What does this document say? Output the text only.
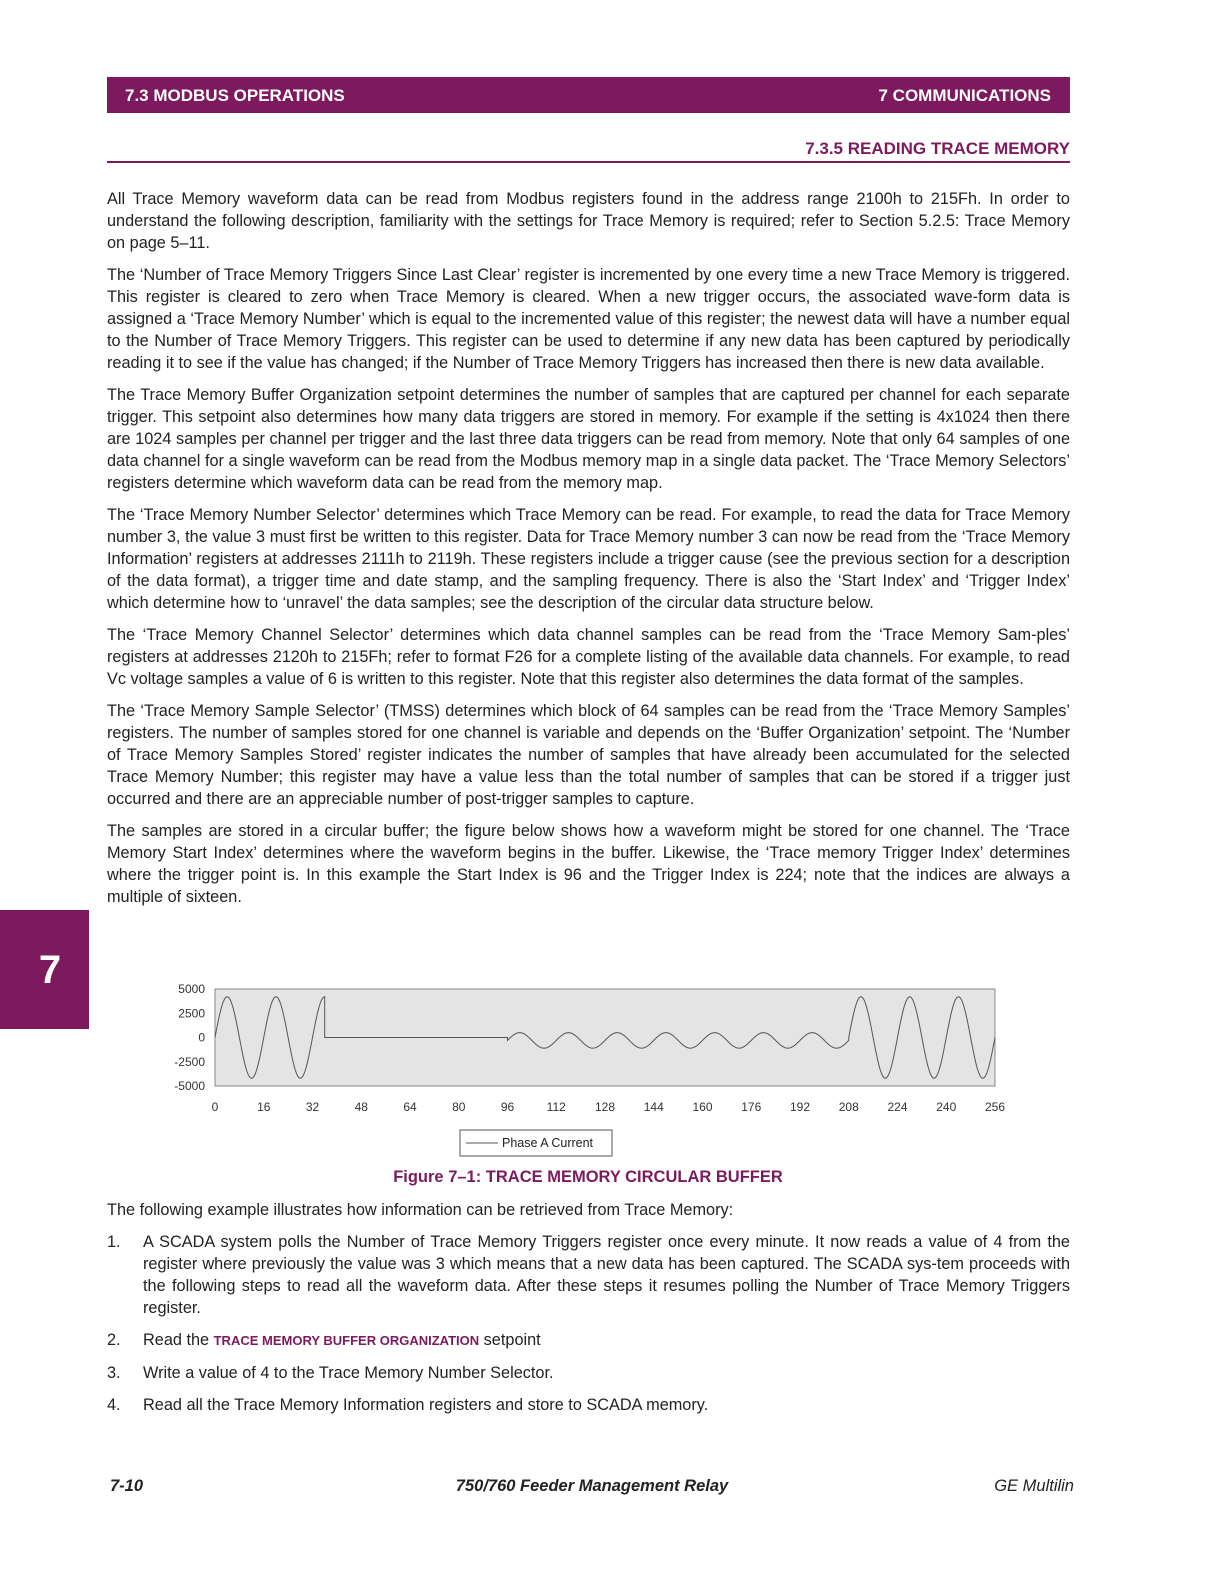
7.3 MODBUS OPERATIONS	7 COMMUNICATIONS
7.3.5 READING TRACE MEMORY

All Trace Memory waveform data can be read from Modbus registers found in the address range 2100h to 215Fh. In order to understand the following description, familiarity with the settings for Trace Memory is required; refer to Section 5.2.5: Trace Memory on page 5–11.

The ‘Number of Trace Memory Triggers Since Last Clear’ register is incremented by one every time a new Trace Memory is triggered. This register is cleared to zero when Trace Memory is cleared. When a new trigger occurs, the associated wave-form data is assigned a ‘Trace Memory Number’ which is equal to the incremented value of this register; the newest data will have a number equal to the Number of Trace Memory Triggers. This register can be used to determine if any new data has been captured by periodically reading it to see if the value has changed; if the Number of Trace Memory Triggers has increased then there is new data available.

The Trace Memory Buffer Organization setpoint determines the number of samples that are captured per channel for each separate trigger. This setpoint also determines how many data triggers are stored in memory. For example if the setting is 4x1024 then there are 1024 samples per channel per trigger and the last three data triggers can be read from memory. Note that only 64 samples of one data channel for a single waveform can be read from the Modbus memory map in a single data packet. The ‘Trace Memory Selectors’ registers determine which waveform data can be read from the memory map.

The ‘Trace Memory Number Selector’ determines which Trace Memory can be read. For example, to read the data for Trace Memory number 3, the value 3 must first be written to this register. Data for Trace Memory number 3 can now be read from the ‘Trace Memory Information’ registers at addresses 2111h to 2119h. These registers include a trigger cause (see the previous section for a description of the data format), a trigger time and date stamp, and the sampling frequency. There is also the ‘Start Index’ and ‘Trigger Index’ which determine how to ‘unravel’ the data samples; see the description of the circular data structure below.

The ‘Trace Memory Channel Selector’ determines which data channel samples can be read from the ‘Trace Memory Sam-ples’ registers at addresses 2120h to 215Fh; refer to format F26 for a complete listing of the available data channels. For example, to read Vc voltage samples a value of 6 is written to this register. Note that this register also determines the data format of the samples.

The ‘Trace Memory Sample Selector’ (TMSS) determines which block of 64 samples can be read from the ‘Trace Memory Samples’ registers. The number of samples stored for one channel is variable and depends on the ‘Buffer Organization’ setpoint. The ‘Number of Trace Memory Samples Stored’ register indicates the number of samples that have already been accumulated for the selected Trace Memory Number; this register may have a value less than the total number of samples that can be stored if a trigger just occurred and there are an appreciable number of post-trigger samples to capture.

The samples are stored in a circular buffer; the figure below shows how a waveform might be stored for one channel. The ‘Trace Memory Start Index’ determines where the waveform begins in the buffer. Likewise, the ‘Trace memory Trigger Index’ determines where the trigger point is. In this example the Start Index is 96 and the Trigger Index is 224; note that the indices are always a multiple of sixteen.

7	5000
2500
0
-2500
-5000
0	16	32	48	64	80	96	112 128 144 160 176 192 208 224 240 256
Phase A Current
Figure 7–1: TRACE MEMORY CIRCULAR BUFFER

The following example illustrates how information can be retrieved from Trace Memory:

1. A SCADA system polls the Number of Trace Memory Triggers register once every minute. It now reads a value of 4 from the register where previously the value was 3 which means that a new data has been captured. The SCADA sys-tem proceeds with the following steps to read all the waveform data. After these steps it resumes polling the Number of Trace Memory Triggers register.
2. Read the TRACE MEMORY BUFFER ORGANIZATION setpoint
3. Write a value of 4 to the Trace Memory Number Selector.
4. Read all the Trace Memory Information registers and store to SCADA memory.
7-10	750/760 Feeder Management Relay	GE Multilin
